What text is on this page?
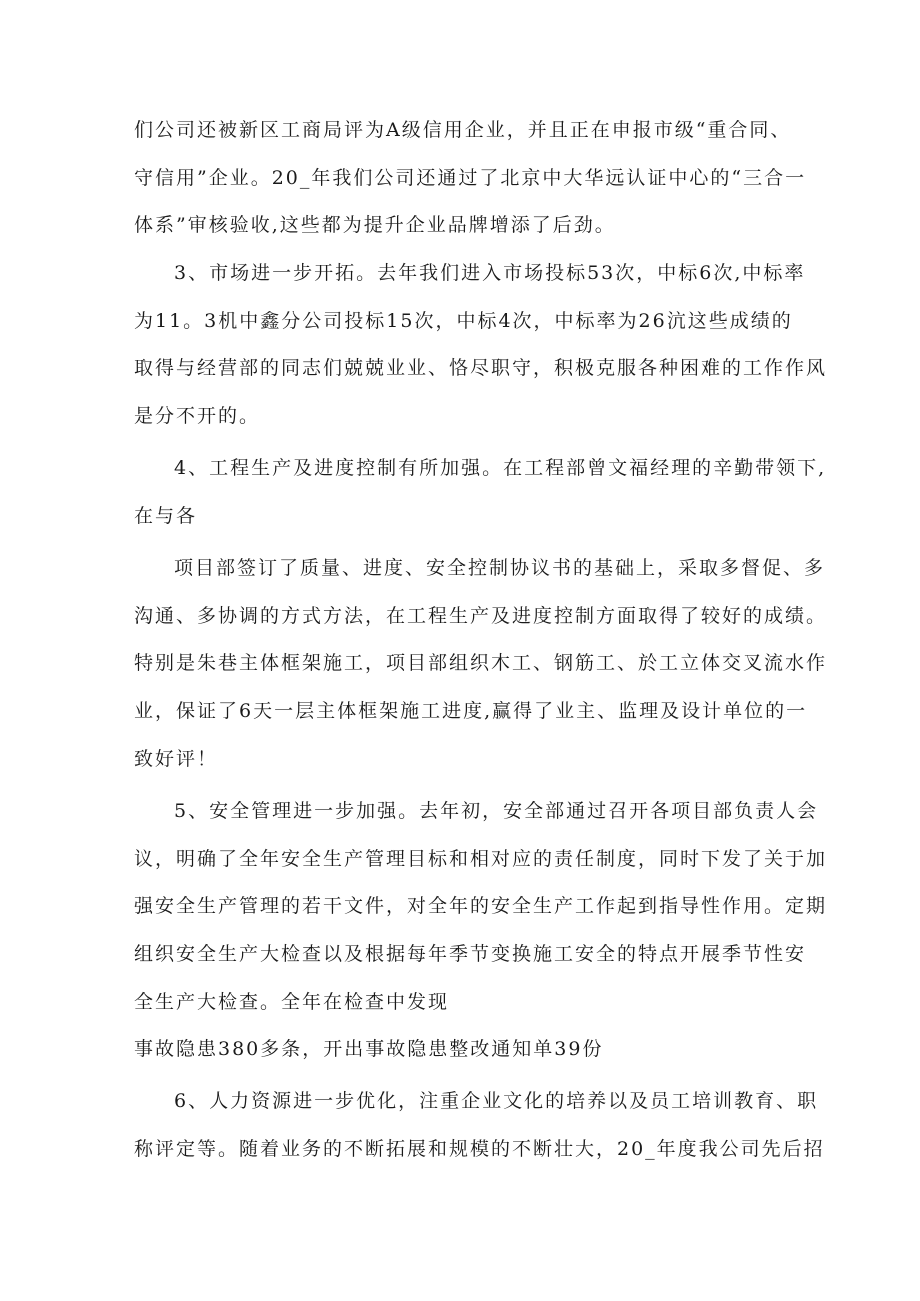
们公司还被新区工商局评为A级信用企业，并且正在申报市级“重合同、
守信用”企业。20_年我们公司还通过了北京中大华远认证中心的“三合一
体系”审核验收,这些都为提升企业品牌增添了后劲。
3、市场进一步开拓。去年我们进入市场投标53次，中标6次,中标率
为11。3机中鑫分公司投标15次，中标4次，中标率为26沆这些成绩的
取得与经营部的同志们兢兢业业、恪尽职守，积极克服各种困难的工作作风
是分不开的。
4、工程生产及进度控制有所加强。在工程部曾文福经理的辛勤带领下,
在与各
项目部签订了质量、进度、安全控制协议书的基础上，采取多督促、多
沟通、多协调的方式方法，在工程生产及进度控制方面取得了较好的成绩。
特别是朱巷主体框架施工，项目部组织木工、钢筋工、於工立体交叉流水作
业，保证了6天一层主体框架施工进度,赢得了业主、监理及设计单位的一
致好评！
5、安全管理进一步加强。去年初，安全部通过召开各项目部负责人会
议，明确了全年安全生产管理目标和相对应的责任制度，同时下发了关于加
强安全生产管理的若干文件，对全年的安全生产工作起到指导性作用。定期
组织安全生产大检查以及根据每年季节变换施工安全的特点开展季节性安
全生产大检查。全年在检查中发现
事故隐患380多条，开出事故隐患整改通知单39份
6、人力资源进一步优化，注重企业文化的培养以及员工培训教育、职
称评定等。随着业务的不断拓展和规模的不断壮大，20_年度我公司先后招
